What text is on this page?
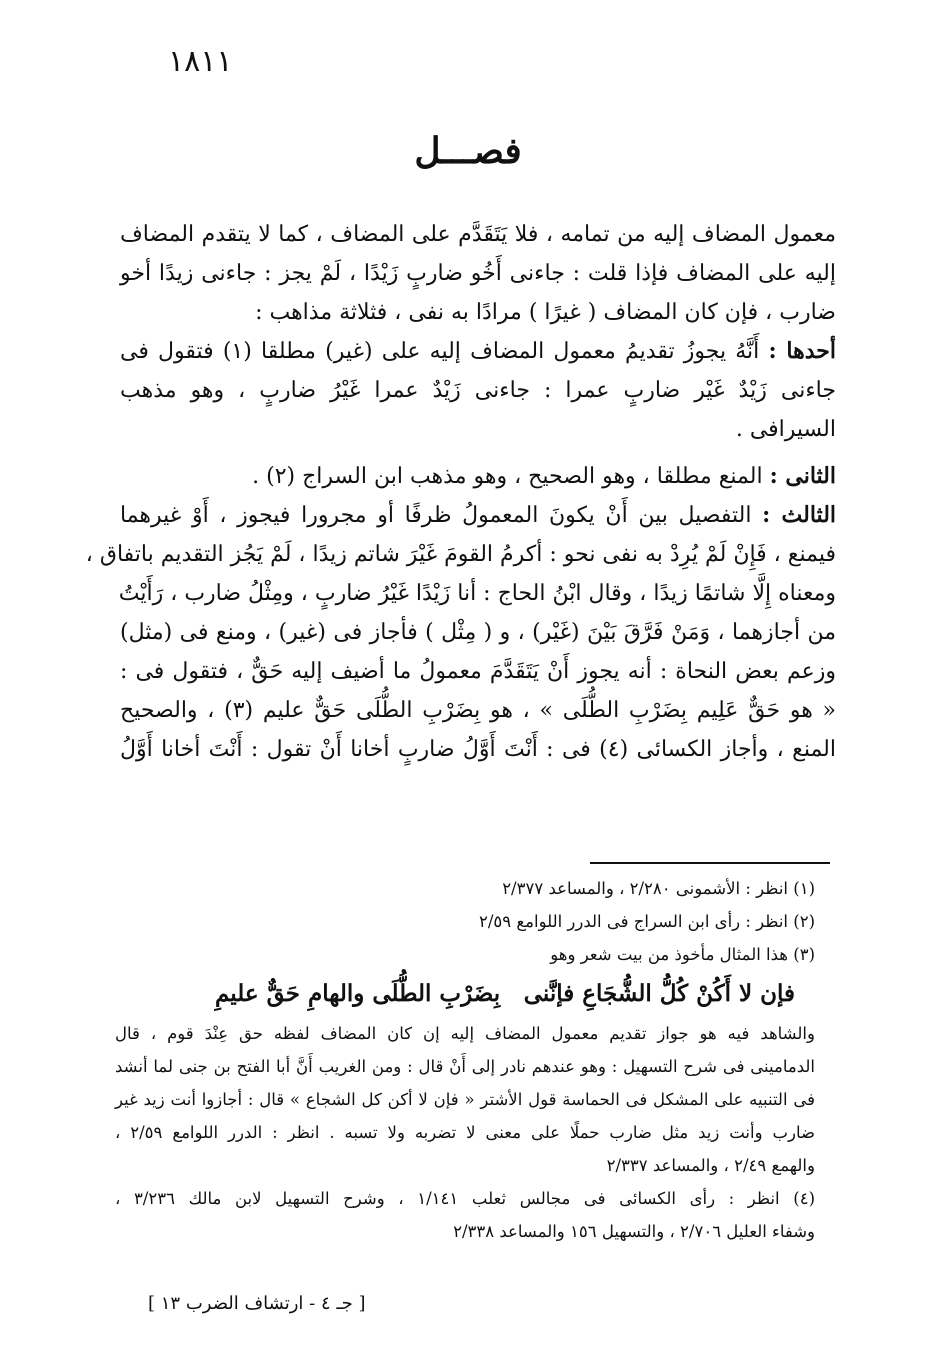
١٨١١
فصـــل
معمول المضاف إليه من تمامه ، فلا يَتَقَدَّم على المضاف ، كما لا يتقدم المضاف
إليه على المضاف فإذا قلت : جاءنى أَخُو ضاربٍ زَيْدًا ، لَمْ يجز : جاءنى زيدًا أخو
ضارب ، فإن كان المضاف ( غيرًا ) مرادًا به نفى ، فثلاثة مذاهب :
أحدها : أَنَّهُ يجوزُ تقديمُ معمول المضاف إليه على (غير) مطلقا (١) فتقول فى
جاءنى زَيْدٌ غَيْر ضاربٍ عمرا : جاءنى زَيْدٌ عمرا غَيْرُ ضاربٍ ، وهو مذهب
السيرافى .
الثانى : المنع مطلقا ، وهو الصحيح ، وهو مذهب ابن السراج (٢) .
الثالث : التفصيل بين أَنْ يكونَ المعمولُ ظرفًا أو مجرورا فيجوز ، أَوْ غيرهما
فيمنع ، فَإِنْ لَمْ يُرِدْ به نفى نحو : أكرمُ القومَ غَيْرَ شاتم زيدًا ، لَمْ يَجُز التقديم باتفاق ،
ومعناه إِلَّا شاتمًا زيدًا ، وقال ابْنُ الحاج : أنا زَيْدًا غَيْرُ ضاربٍ ، ومِثْلُ ضارب ، رَأَيْتُ
من أجازهما ، وَمَنْ فَرَّقَ بَيْنَ (غَيْر) ، و ( مِثْل ) فأجاز فى (غير) ، ومنع فى (مثل)
وزعم بعض النحاة : أنه يجوز أَنْ يَتَقَدَّمَ معمولُ ما أضيف إليه حَقٌّ ، فتقول فى :
« هو حَقٌّ عَلِيم بِضَرْبِ الطُّلَى » ، هو بِضَرْبِ الطُّلَى حَقٌّ عليم (٣) ، والصحيح
المنع ، وأجاز الكسائى (٤) فى : أَنْتَ أَوَّلُ ضاربٍ أخانا أَنْ تقول : أَنْتَ أخانا أَوَّلُ
(١) انظر : الأشمونى ٢/٢٨٠ ، والمساعد ٢/٣٧٧
(٢) انظر : رأى ابن السراج فى الدرر اللوامع ٢/٥٩
(٣) هذا المثال مأخوذ من بيت شعر وهو
فإن لا أَكُنْ كُلُّ الشُّجَاعِ فإنَّنى
بِضَرْبِ الطُّلَى والهامِ حَقٌّ عليمِ
والشاهد فيه هو جواز تقديم معمول المضاف إليه إن كان المضاف لفظه حق عِنْدَ قوم ، قال
الدمامينى فى شرح التسهيل : وهو عندهم نادر إلى أَنْ قال : ومن الغريب أَنَّ أبا الفتح بن جنى لما أنشد
فى التنبيه على المشكل فى الحماسة قول الأشتر « فإن لا أكن كل الشجاع » قال : أجازوا أنت زيد غير
ضارب وأنت زيد مثل ضارب حملًا على معنى لا تضربه ولا تسبه . انظر : الدرر اللوامع ٢/٥٩ ،
والهمع ٢/٤٩ ، والمساعد ٢/٣٣٧
(٤) انظر : رأى الكسائى فى مجالس ثعلب ١/١٤١ ، وشرح التسهيل لابن مالك ٣/٢٣٦ ،
وشفاء العليل ٢/٧٠٦ ، والتسهيل ١٥٦ والمساعد ٢/٣٣٨
[ جـ ٤ - ارتشاف الضرب ١٣ ]
